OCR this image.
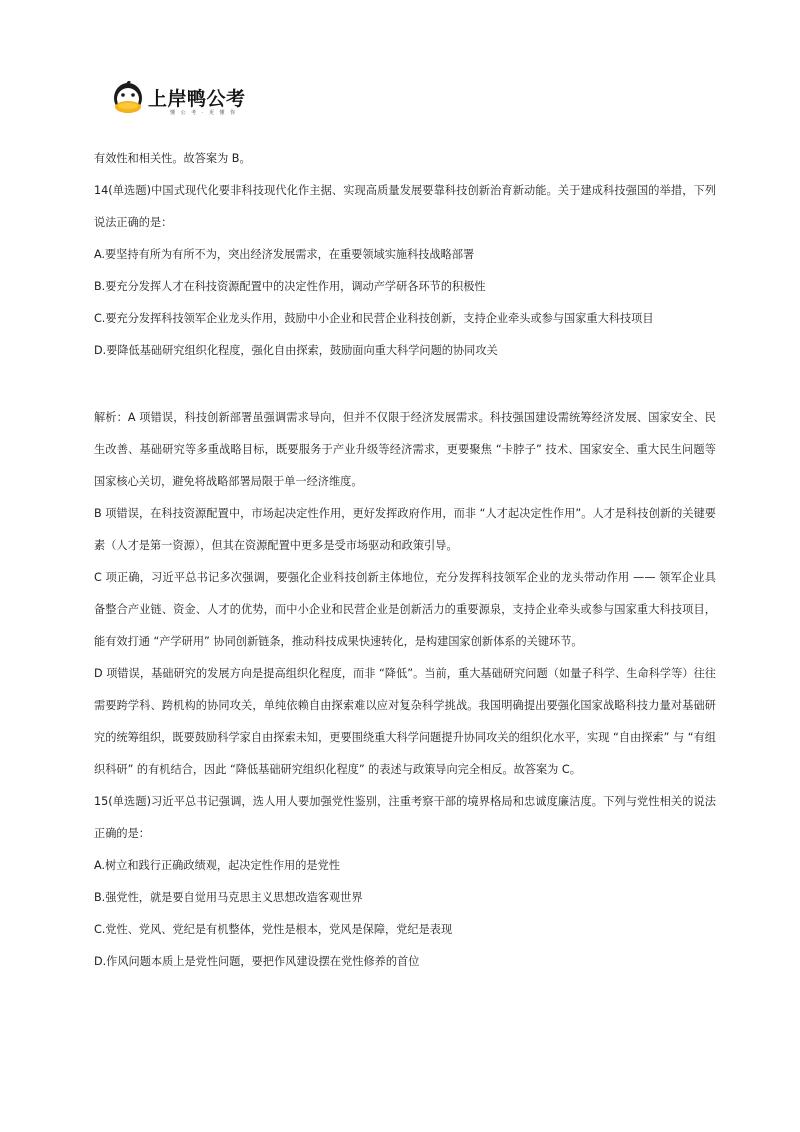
上岸鸭公考
懂 公 考 · 更 懂 你

有效性和相关性。故答案为 B。

14(单选题)中国式现代化要非科技现代化作主据、实现高质量发展要靠科技创新治育新动能。关于建成科技强国的举措，下列说法正确的是：

A.要坚持有所为有所不为，突出经济发展需求，在重要领域实施科技战略部署

B.要充分发挥人才在科技资源配置中的决定性作用，调动产学研各环节的积极性

C.要充分发挥科技领军企业龙头作用，鼓励中小企业和民营企业科技创新，支持企业牵头或参与国家重大科技项目

D.要降低基础研究组织化程度，强化自由探索，鼓励面向重大科学问题的协同攻关

解析：A 项错误，科技创新部署虽强调需求导向，但并不仅限于经济发展需求。科技强国建设需统筹经济发展、国家安全、民生改善、基础研究等多重战略目标，既要服务于产业升级等经济需求，更要聚焦 “卡脖子” 技术、国家安全、重大民生问题等国家核心关切，避免将战略部署局限于单一经济维度。

B 项错误，在科技资源配置中，市场起决定性作用，更好发挥政府作用，而非 “人才起决定性作用”。人才是科技创新的关键要素（人才是第一资源），但其在资源配置中更多是受市场驱动和政策引导。

C 项正确，习近平总书记多次强调，要强化企业科技创新主体地位，充分发挥科技领军企业的龙头带动作用 —— 领军企业具备整合产业链、资金、人才的优势，而中小企业和民营企业是创新活力的重要源泉，支持企业牵头或参与国家重大科技项目，能有效打通 “产学研用” 协同创新链条，推动科技成果快速转化，是构建国家创新体系的关键环节。

D 项错误，基础研究的发展方向是提高组织化程度，而非 “降低”。当前，重大基础研究问题（如量子科学、生命科学等）往往需要跨学科、跨机构的协同攻关，单纯依赖自由探索难以应对复杂科学挑战。我国明确提出要强化国家战略科技力量对基础研究的统筹组织，既要鼓励科学家自由探索未知，更要围绕重大科学问题提升协同攻关的组织化水平，实现 “自由探索” 与 “有组织科研” 的有机结合，因此 “降低基础研究组织化程度” 的表述与政策导向完全相反。故答案为 C。

15(单选题)习近平总书记强调，选人用人要加强党性鉴别，注重考察干部的境界格局和忠诚度廉洁度。下列与党性相关的说法正确的是：

A.树立和践行正确政绩观，起决定性作用的是党性

B.强党性，就是要自觉用马克思主义思想改造客观世界

C.党性、党风、党纪是有机整体，党性是根本，党风是保障，党纪是表现

D.作风问题本质上是党性问题，要把作风建设摆在党性修养的首位
